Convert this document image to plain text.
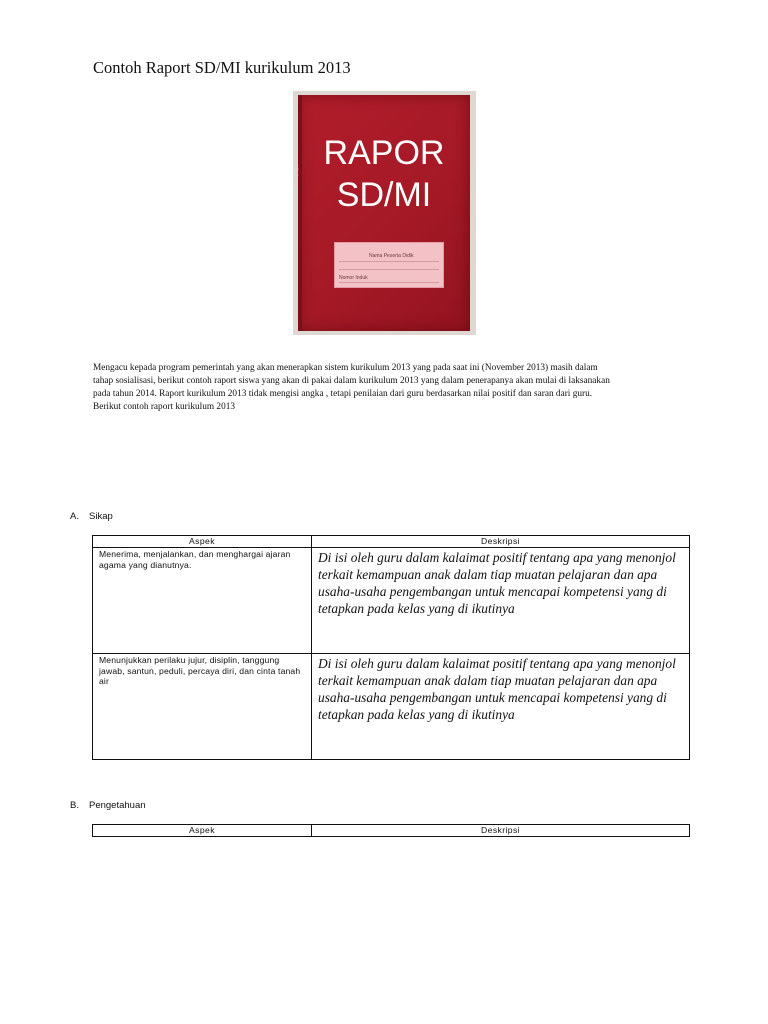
Contoh Raport SD/MI kurikulum 2013
www.ptolitorlog.com RAPOR
SD/MI
Nama Peserta Didik
Nomor Induk
Mengacu kepada program pemerintah yang akan menerapkan sistem kurikulum 2013 yang pada saat ini (November 2013) masih dalam
tahap sosialisasi, berikut contoh raport siswa yang akan di pakai dalam kurikulum 2013 yang dalam penerapanya akan mulai di laksanakan
pada tahun 2014. Raport kurikulum 2013 tidak mengisi angka , tetapi penilaian dari guru berdasarkan nilai positif dan saran dari guru.
Berikut contoh raport kurikulum 2013
A. Sikap
Aspek	Deskripsi

Menerima, menjalankan, dan menghargai ajaran agama yang dianutnya.	Di isi oleh guru dalam kalaimat positif tentang apa yang menonjol terkait kemampuan anak dalam tiap muatan pelajaran dan apa usaha-usaha pengembangan untuk mencapai kompetensi yang di tetapkan pada kelas yang di ikutinya

Menunjukkan perilaku jujur, disiplin, tanggung jawab, santun, peduli, percaya diri, dan cinta tanah air	Di isi oleh guru dalam kalaimat positif tentang apa yang menonjol terkait kemampuan anak dalam tiap muatan pelajaran dan apa usaha-usaha pengembangan untuk mencapai kompetensi yang di tetapkan pada kelas yang di ikutinya
B. Pengetahuan
Aspek	Deskripsi
